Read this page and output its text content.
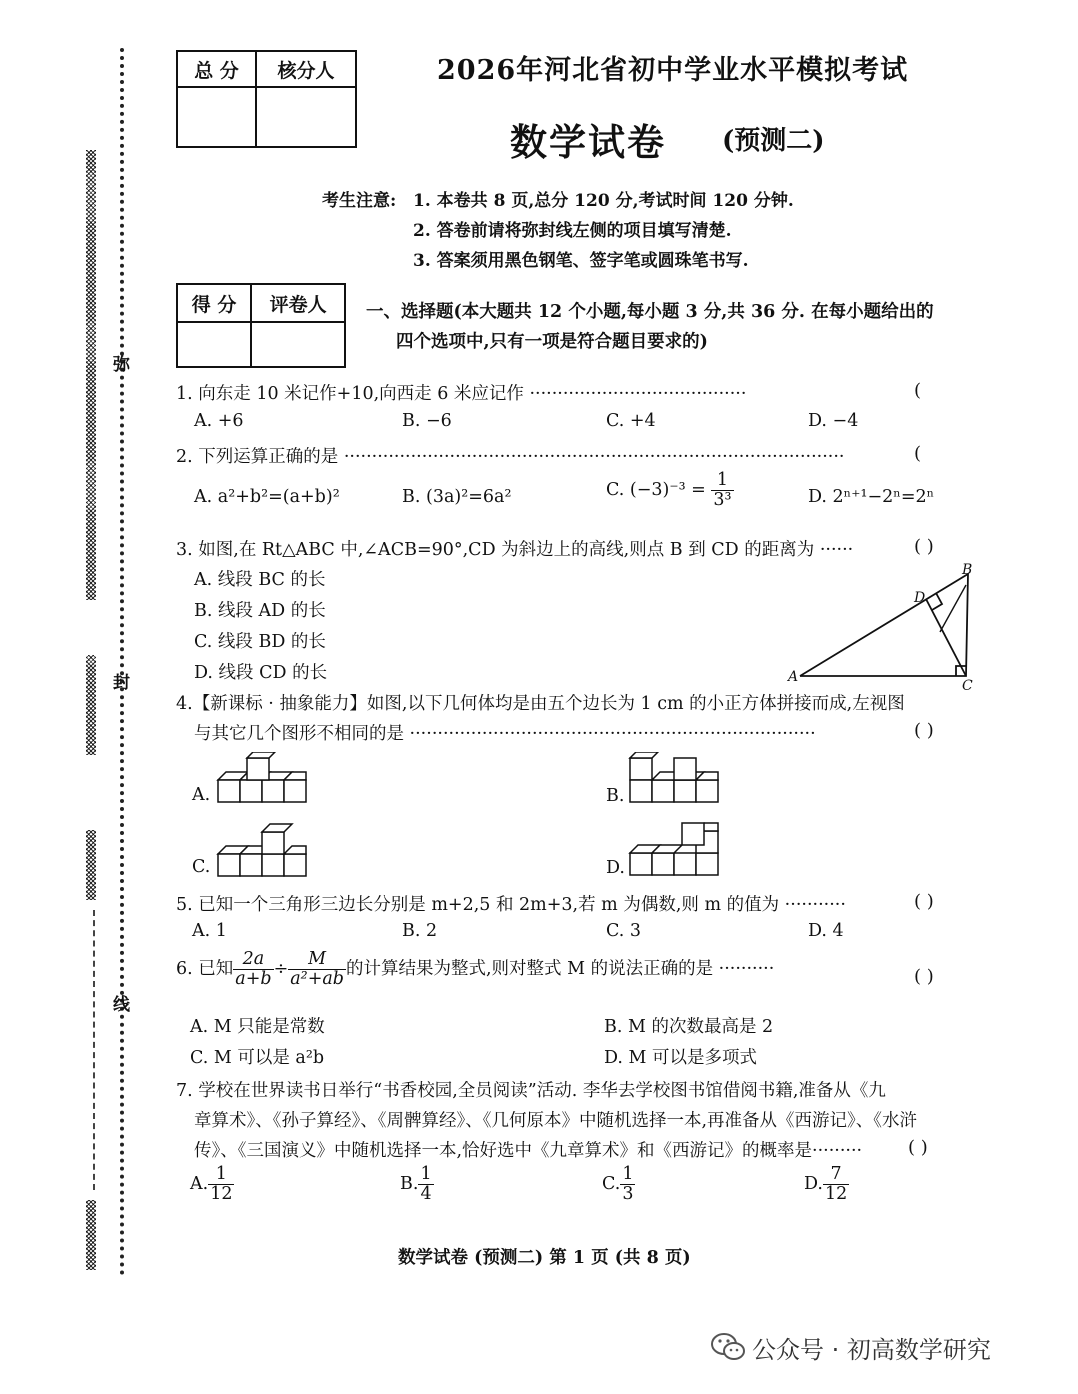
弥
封
线
总 分	核分人
		2026年河北省初中学业水平模拟考试
数学试卷 (预测二)
考生注意: 1. 本卷共 8 页,总分 120 分,考试时间 120 分钟.
2. 答卷前请将弥封线左侧的项目填写清楚.
3. 答案须用黑色钢笔、签字笔或圆珠笔书写.
得 分	评卷人
	一、选择题(本大题共 12 个小题,每小题 3 分,共 36 分. 在每小题给出的
四个选项中,只有一项是符合题目要求的)
1. 向东走 10 米记作+10,向西走 6 米应记作 ·······································	(
A. +6	B. −6	C. +4	D. −4
2. 下列运算正确的是 ··························································································	(
A. a²+b²=(a+b)²	B. (3a)²=6a²	C. $(-3)^{-3} = \frac{1}{\text{3³}}$	D. 2ⁿ⁺¹−2ⁿ=2ⁿ
3. 如图,在 Rt△ABC 中,∠ACB=90°,CD 为斜边上的高线,则点 B 到 CD 的距离为 ······	( )
A. 线段 BC 的长
B. 线段 AD 的长
C. 线段 BD 的长
D. 线段 CD 的长	A
B
C
D
4.【新课标 · 抽象能力】如图,以下几何体均是由五个边长为 1 cm 的小正方体拼接而成,左视图
与其它几个图形不相同的是 ·········································································	( )
A.	B.
C.	D.
5. 已知一个三角形三边长分别是 m+2,5 和 2m+3,若 m 为偶数,则 m 的值为 ···········	( )
A. 1	B. 2	C. 3	D. 4
6. 已知 $\frac{2a}{a+b} \div \frac{M}{\text{a²+ab}}$ 的计算结果为整式,则对整式 M 的说法正确的是 ··········	( )
A. M 只能是常数	B. M 的次数最高是 2
C. M 可以是 a²b	D. M 可以是多项式
7. 学校在世界读书日举行“书香校园,全员阅读”活动. 李华去学校图书馆借阅书籍,准备从《九
章算术》、《孙子算经》、《周髀算经》、《几何原本》中随机选择一本,再准备从《西游记》、《水浒
传》、《三国演义》中随机选择一本,恰好选中《九章算术》和《西游记》的概率是·········	( )
A. $\frac{1}{12}$	B. $\frac{1}{4}$	C. $\frac{1}{3}$	D. $\frac{7}{12}$
数学试卷 (预测二) 第 1 页 (共 8 页)
公众号 · 初高数学研究
